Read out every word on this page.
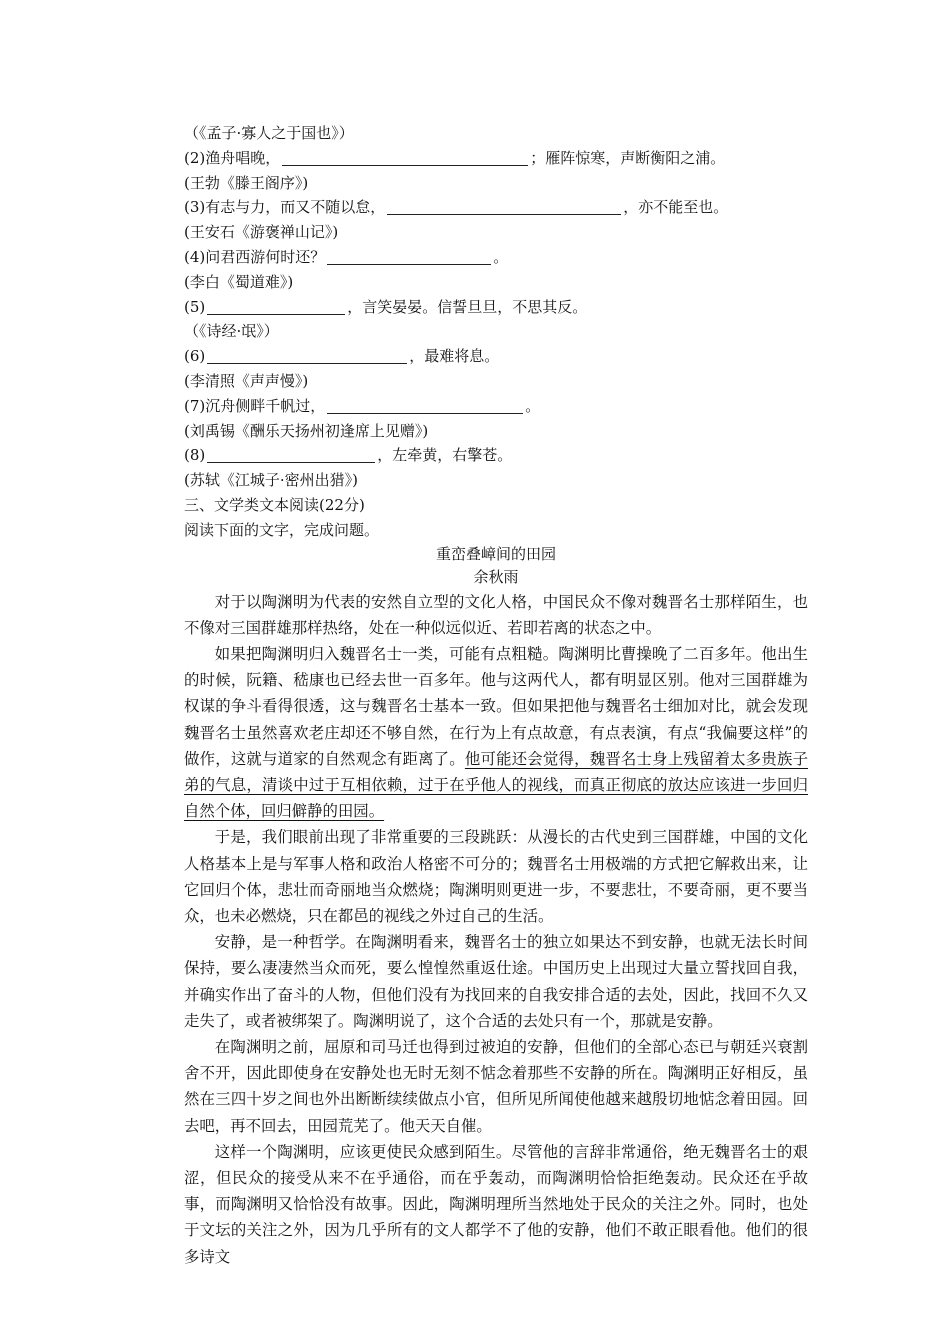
（《孟子·寡人之于国也》）
(2)渔舟唱晚，	；雁阵惊寒，声断衡阳之浦。
(王勃《滕王阁序》)
(3)有志与力，而又不随以怠，	，亦不能至也。
(王安石《游褒禅山记》)
(4)问君西游何时还？	。
(李白《蜀道难》)
(5)	，言笑晏晏。信誓旦旦，不思其反。
（《诗经·氓》）
(6)	，最难将息。
(李清照《声声慢》)
(7)沉舟侧畔千帆过，	。
(刘禹锡《酬乐天扬州初逢席上见赠》)
(8)	，左牵黄，右擎苍。
(苏轼《江城子·密州出猎》)
三、文学类文本阅读(22分)
阅读下面的文字，完成问题。
重峦叠嶂间的田园
余秋雨

对于以陶渊明为代表的安然自立型的文化人格，中国民众不像对魏晋名士那样陌生，也不像对三国群雄那样热络，处在一种似远似近、若即若离的状态之中。

如果把陶渊明归入魏晋名士一类，可能有点粗糙。陶渊明比曹操晚了二百多年。他出生的时候，阮籍、嵇康也已经去世一百多年。他与这两代人，都有明显区别。他对三国群雄为权谋的争斗看得很透，这与魏晋名士基本一致。但如果把他与魏晋名士细加对比，就会发现魏晋名士虽然喜欢老庄却还不够自然，在行为上有点故意，有点表演，有点“我偏要这样”的做作，这就与道家的自然观念有距离了。他可能还会觉得，魏晋名士身上残留着太多贵族子弟的气息，清谈中过于互相依赖，过于在乎他人的视线，而真正彻底的放达应该进一步回归自然个体，回归僻静的田园。

于是，我们眼前出现了非常重要的三段跳跃：从漫长的古代史到三国群雄，中国的文化人格基本上是与军事人格和政治人格密不可分的；魏晋名士用极端的方式把它解救出来，让它回归个体，悲壮而奇丽地当众燃烧；陶渊明则更进一步，不要悲壮，不要奇丽，更不要当众，也未必燃烧，只在都邑的视线之外过自己的生活。

安静，是一种哲学。在陶渊明看来，魏晋名士的独立如果达不到安静，也就无法长时间保持，要么凄凄然当众而死，要么惶惶然重返仕途。中国历史上出现过大量立誓找回自我，并确实作出了奋斗的人物，但他们没有为找回来的自我安排合适的去处，因此，找回不久又走失了，或者被绑架了。陶渊明说了，这个合适的去处只有一个，那就是安静。

在陶渊明之前，屈原和司马迁也得到过被迫的安静，但他们的全部心态已与朝廷兴衰割舍不开，因此即使身在安静处也无时无刻不惦念着那些不安静的所在。陶渊明正好相反，虽然在三四十岁之间也外出断断续续做点小官，但所见所闻使他越来越殷切地惦念着田园。回去吧，再不回去，田园荒芜了。他天天自催。

这样一个陶渊明，应该更使民众感到陌生。尽管他的言辞非常通俗，绝无魏晋名士的艰涩，但民众的接受从来不在乎通俗，而在乎轰动，而陶渊明恰恰拒绝轰动。民众还在乎故事，而陶渊明又恰恰没有故事。因此，陶渊明理所当然地处于民众的关注之外。同时，也处于文坛的关注之外，因为几乎所有的文人都学不了他的安静，他们不敢正眼看他。他们的很多诗文
